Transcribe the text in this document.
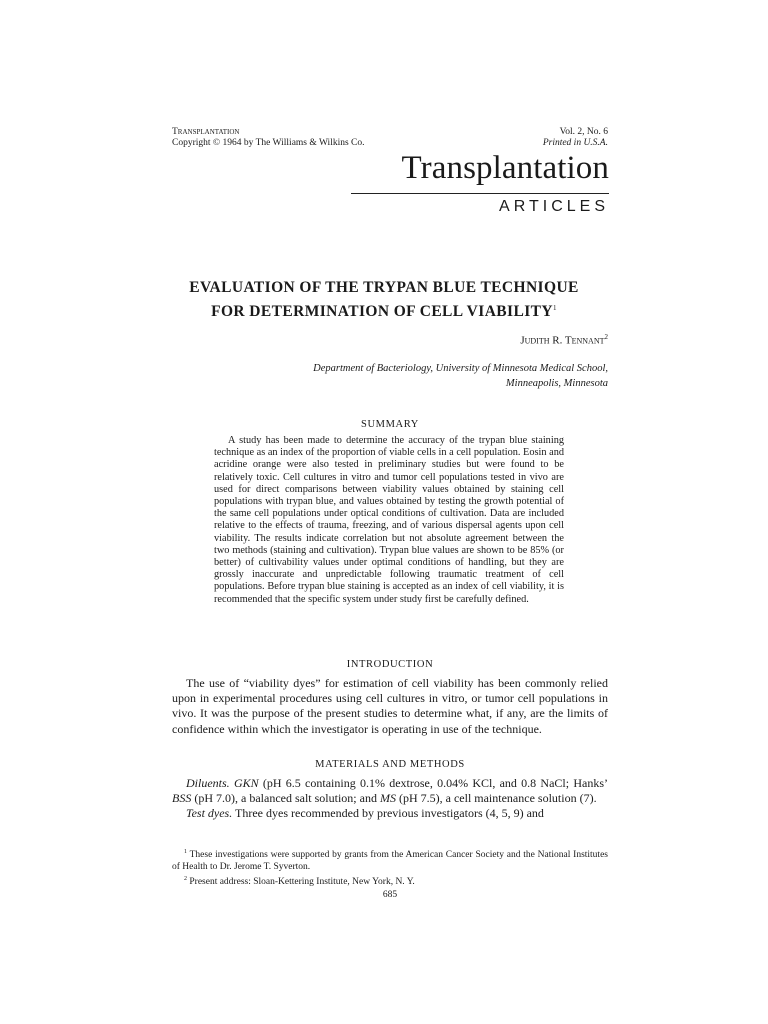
Transplantation
Copyright © 1964 by The Williams & Wilkins Co.
Vol. 2, No. 6
Printed in U.S.A.
Transplantation
ARTICLES
EVALUATION OF THE TRYPAN BLUE TECHNIQUE
FOR DETERMINATION OF CELL VIABILITY$^1$
Judith R. Tennant$^2$
Department of Bacteriology, University of Minnesota Medical School,
Minneapolis, Minnesota
SUMMARY

A study has been made to determine the accuracy of the trypan blue staining technique as an index of the proportion of viable cells in a cell population. Eosin and acridine orange were also tested in preliminary studies but were found to be relatively toxic. Cell cultures in vitro and tumor cell populations tested in vivo are used for direct comparisons between viability values obtained by staining cell populations with trypan blue, and values obtained by testing the growth potential of the same cell populations under optical conditions of cultivation. Data are included relative to the effects of trauma, freezing, and of various dispersal agents upon cell viability. The results indicate correlation but not absolute agreement between the two methods (staining and cultivation). Trypan blue values are shown to be 85% (or better) of cultivability values under optimal conditions of handling, but they are grossly inaccurate and unpredictable following traumatic treatment of cell populations. Before trypan blue staining is accepted as an index of cell viability, it is recommended that the specific system under study first be carefully defined.

INTRODUCTION

The use of “viability dyes” for estimation of cell viability has been commonly relied upon in experimental procedures using cell cultures in vitro, or tumor cell populations in vivo. It was the purpose of the present studies to determine what, if any, are the limits of confidence within which the investigator is operating in use of the technique.

MATERIALS AND METHODS

Diluents. GKN (pH 6.5 containing 0.1% dextrose, 0.04% KCl, and 0.8 NaCl; Hanks’ BSS (pH 7.0), a balanced salt solution; and MS (pH 7.5), a cell maintenance solution (7).

Test dyes. Three dyes recommended by previous investigators (4, 5, 9) and

$^1$ These investigations were supported by grants from the American Cancer Society and the National Institutes of Health to Dr. Jerome T. Syverton.

$^2$ Present address: Sloan-Kettering Institute, New York, N. Y.

685
